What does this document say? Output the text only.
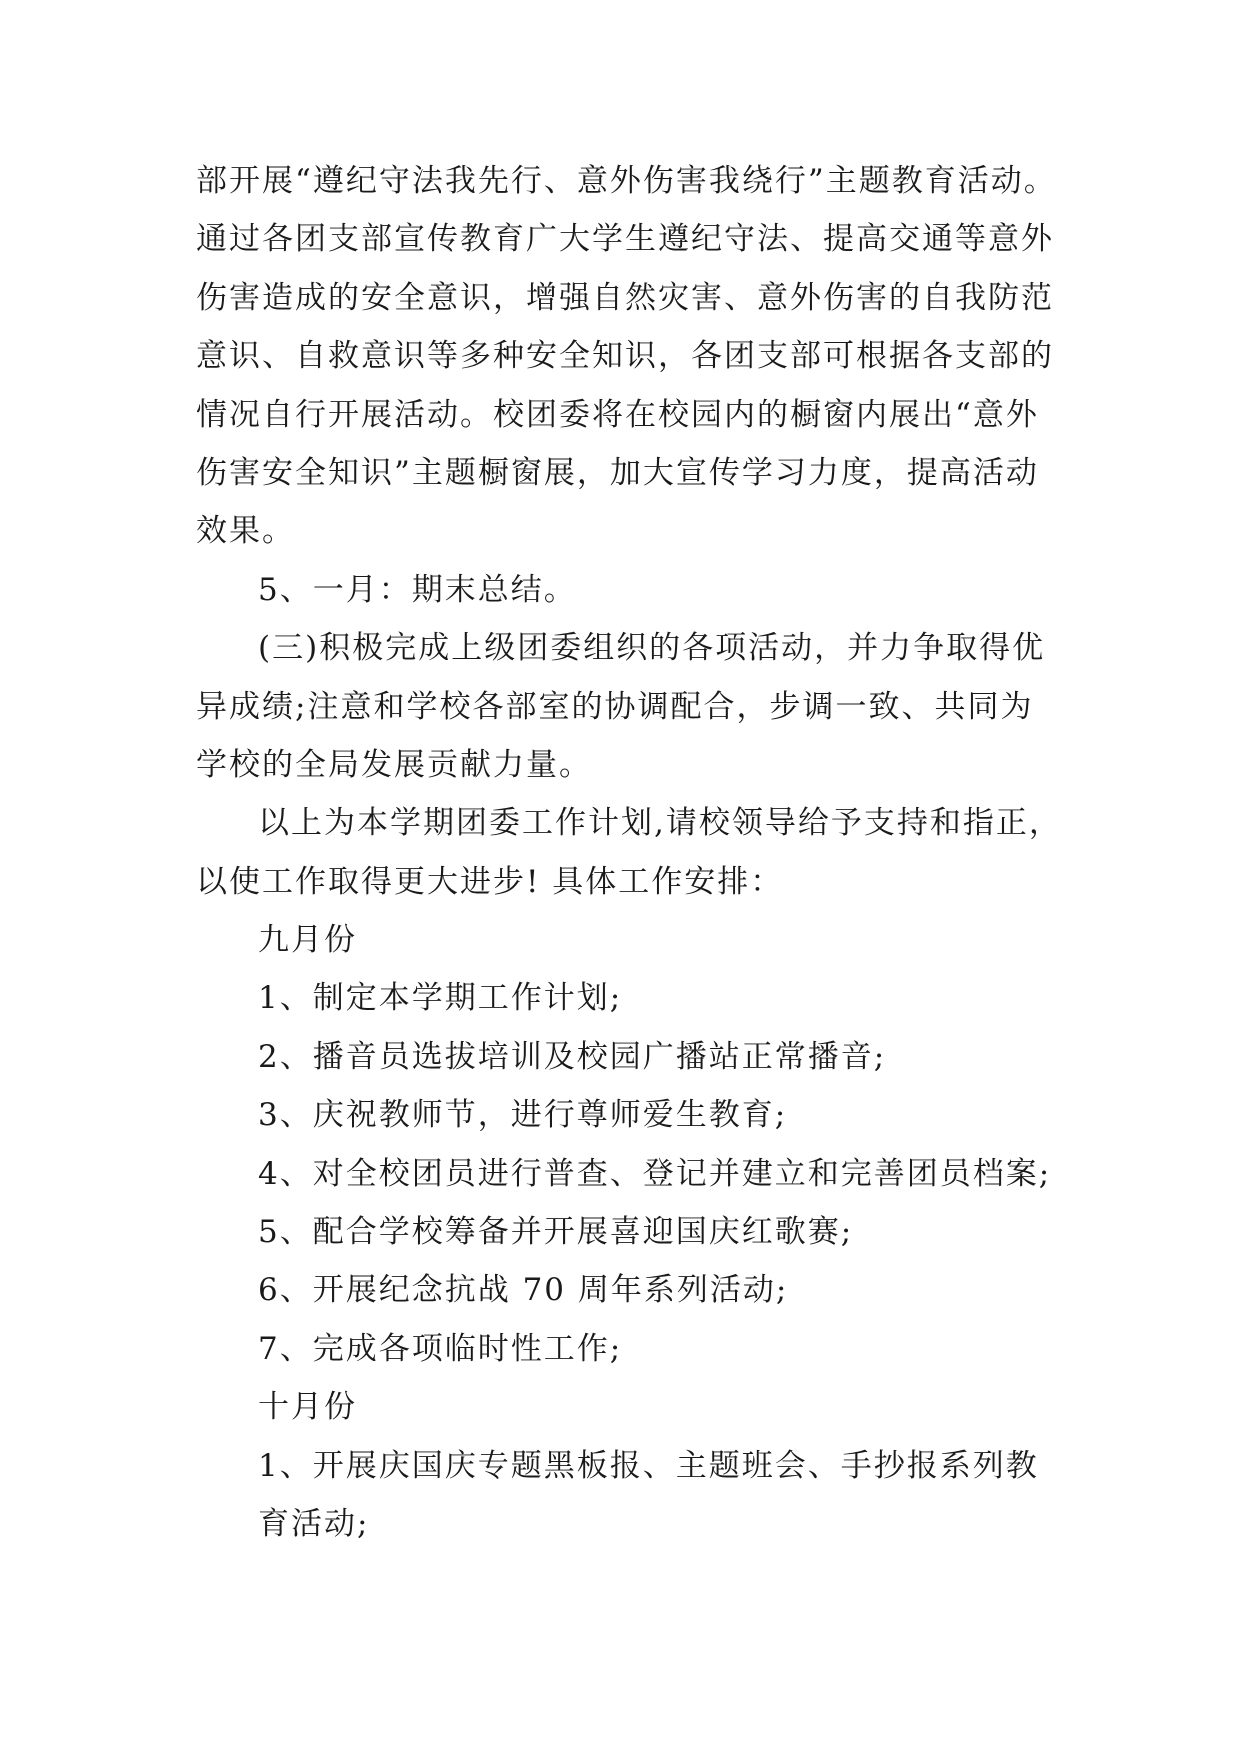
部开展“遵纪守法我先行、意外伤害我绕行”主题教育活动。
通过各团支部宣传教育广大学生遵纪守法、提高交通等意外
伤害造成的安全意识，增强自然灾害、意外伤害的自我防范
意识、自救意识等多种安全知识，各团支部可根据各支部的
情况自行开展活动。校团委将在校园内的橱窗内展出“意外
伤害安全知识”主题橱窗展，加大宣传学习力度，提高活动
效果。
5、一月：期末总结。
(三)积极完成上级团委组织的各项活动，并力争取得优
异成绩;注意和学校各部室的协调配合，步调一致、共同为
学校的全局发展贡献力量。
以上为本学期团委工作计划,请校领导给予支持和指正，
以使工作取得更大进步! 具体工作安排：
九月份
1、制定本学期工作计划;
2、播音员选拔培训及校园广播站正常播音;
3、庆祝教师节，进行尊师爱生教育;
4、对全校团员进行普查、登记并建立和完善团员档案;
5、配合学校筹备并开展喜迎国庆红歌赛;
6、开展纪念抗战 70 周年系列活动;
7、完成各项临时性工作;
十月份
1、开展庆国庆专题黑板报、主题班会、手抄报系列教
育活动;
